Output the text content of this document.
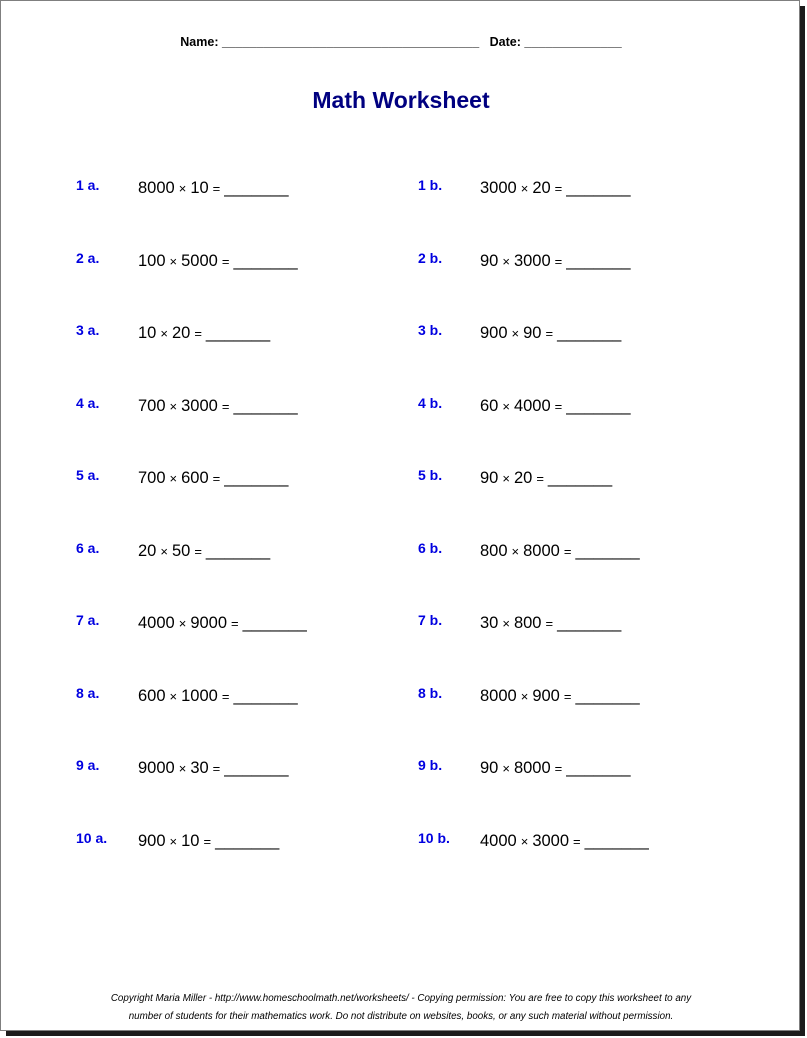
Name: _____________________________________ Date: ______________
Math Worksheet
1 a. 8000 × 10 = _______	1 b. 3000 × 20 = _______
2 a. 100 × 5000 = _______	2 b. 90 × 3000 = _______
3 a. 10 × 20 = _______	3 b. 900 × 90 = _______
4 a. 700 × 3000 = _______	4 b. 60 × 4000 = _______
5 a. 700 × 600 = _______	5 b. 90 × 20 = _______
6 a. 20 × 50 = _______	6 b. 800 × 8000 = _______
7 a. 4000 × 9000 = _______	7 b. 30 × 800 = _______
8 a. 600 × 1000 = _______	8 b. 8000 × 900 = _______
9 a. 9000 × 30 = _______	9 b. 90 × 8000 = _______
10 a. 900 × 10 = _______	10 b. 4000 × 3000 = _______
Copyright Maria Miller - http://www.homeschoolmath.net/worksheets/ - Copying permission: You are free to copy this worksheet to any
number of students for their mathematics work. Do not distribute on websites, books, or any such material without permission.
